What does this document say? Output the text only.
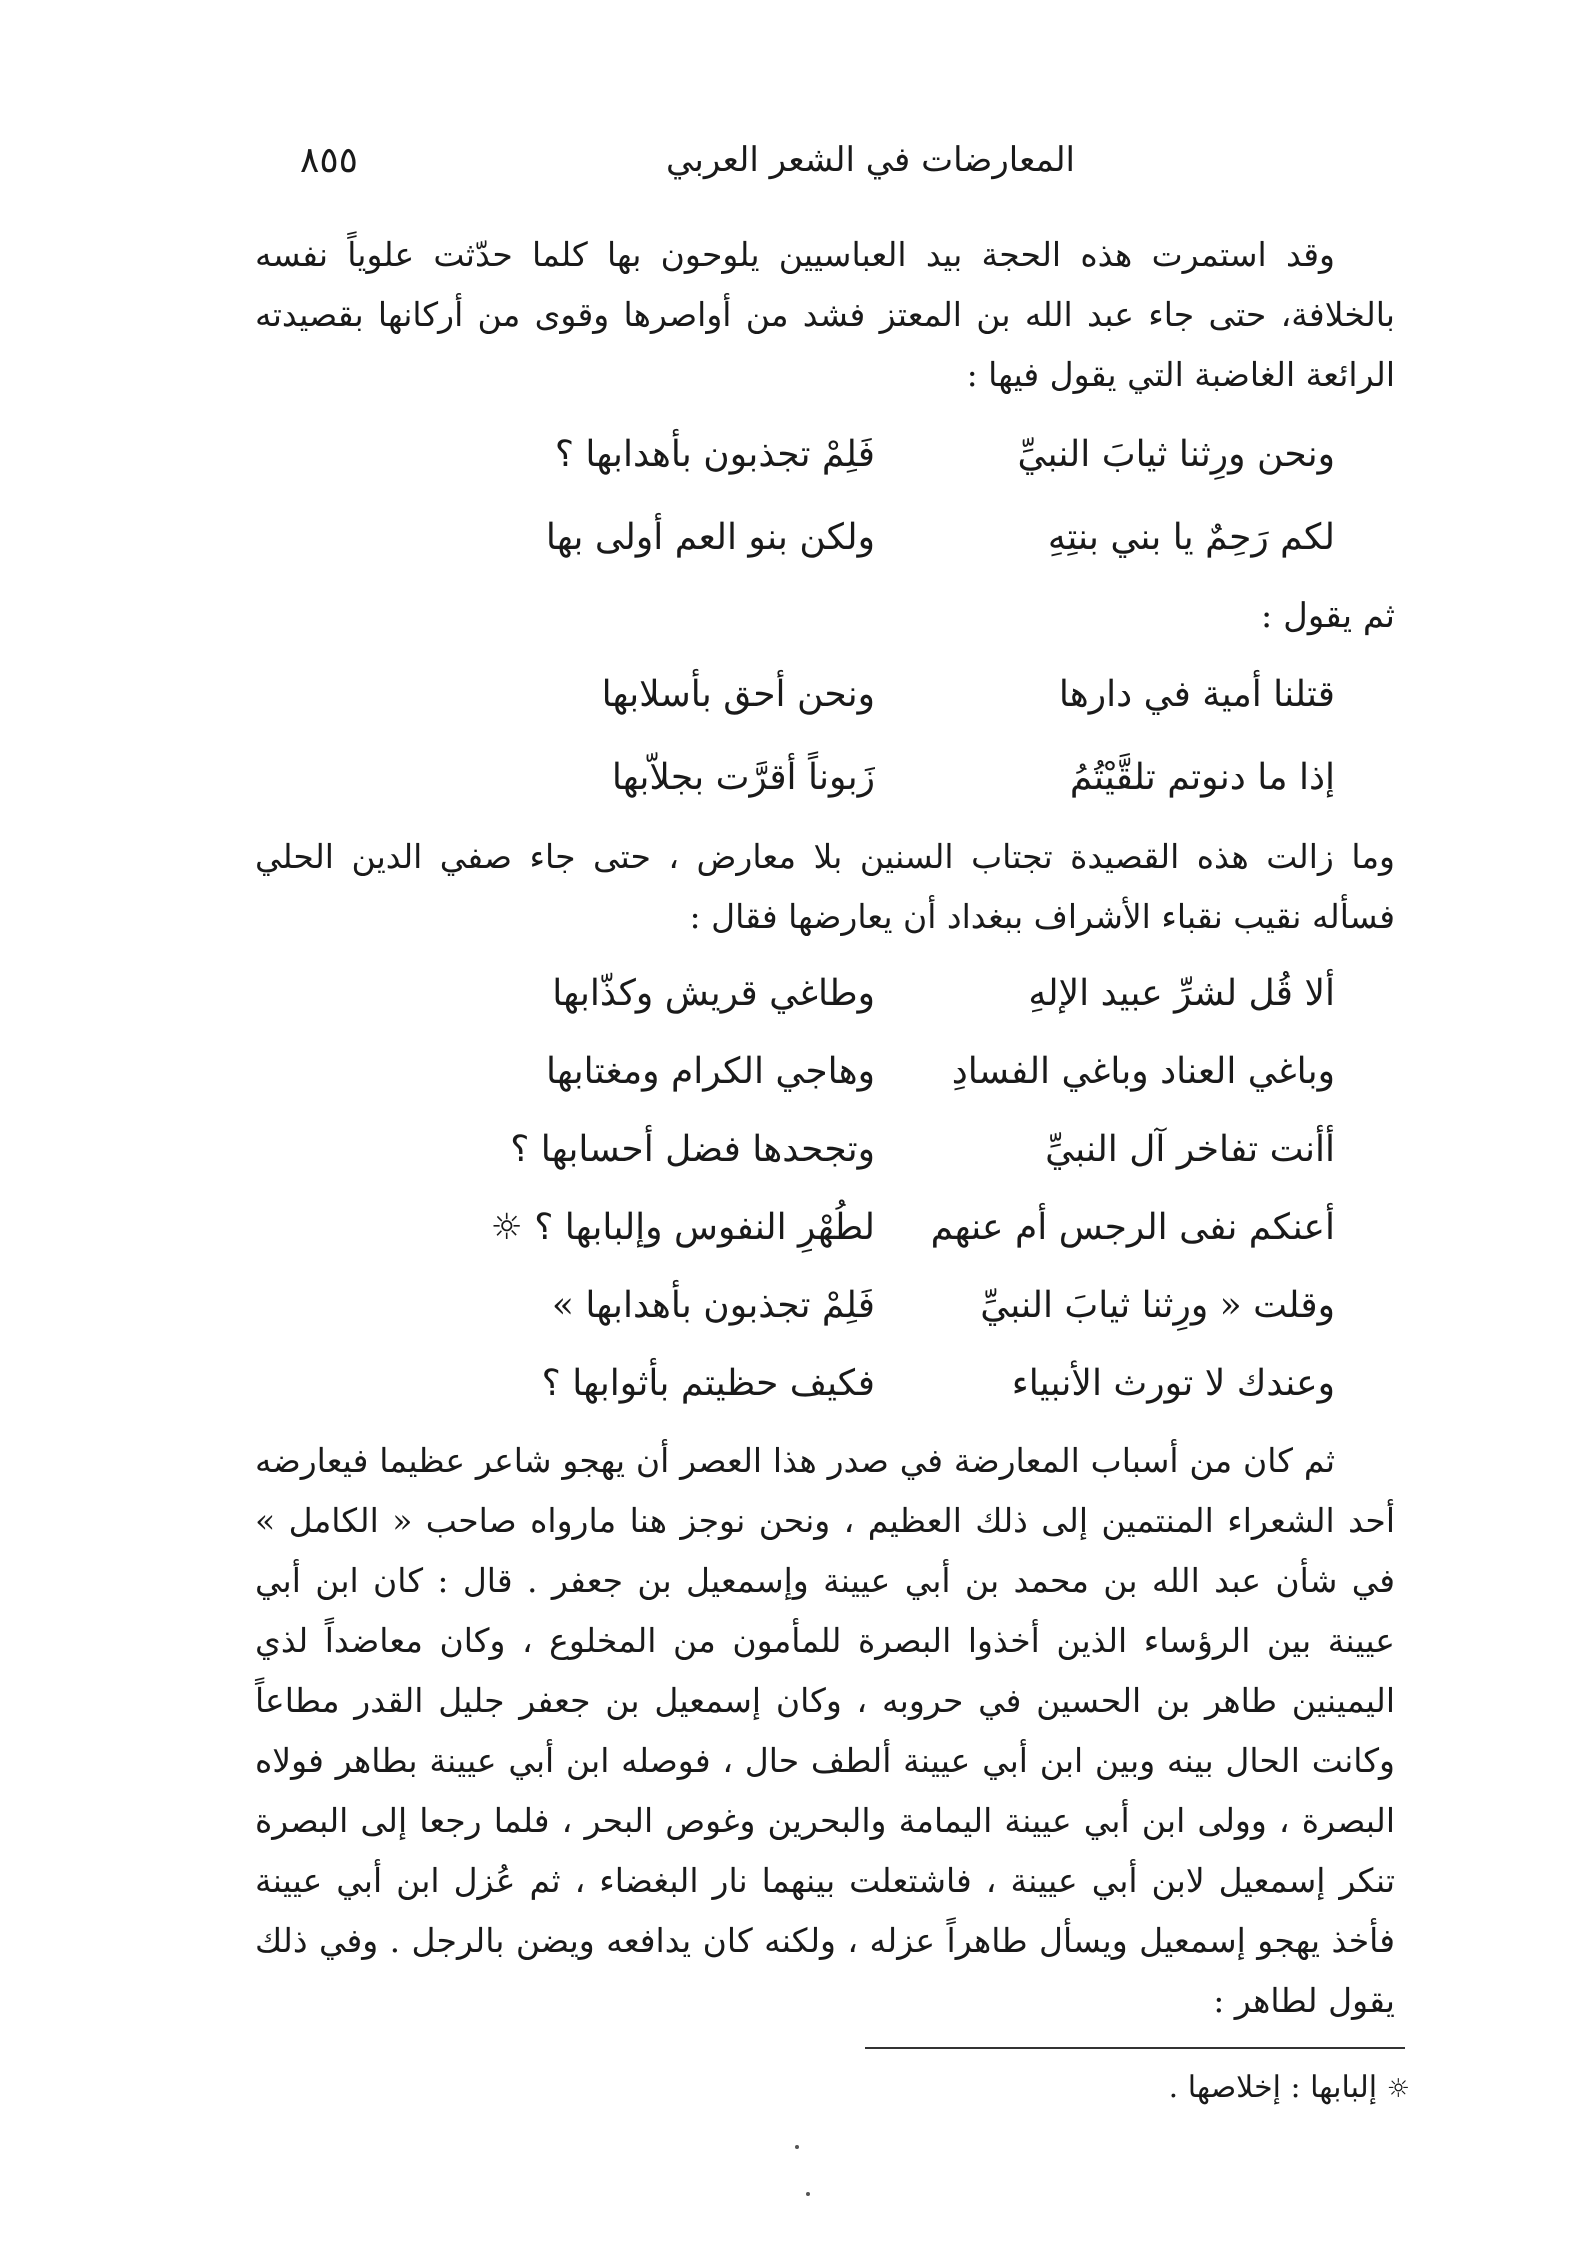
المعارضات في الشعر العربي
٨٥٥

وقد استمرت هذه الحجة بيد العباسيين يلوحون بها كلما حدّثت علوياً نفسه بالخلافة، حتى جاء عبد الله بن المعتز فشد من أواصرها وقوى من أركانها بقصيدته الرائعة الغاضبة التي يقول فيها :

ونحن ورِثنا ثيابَ النبيِّ
فَلِمْ تجذبون بأهدابها ؟
لكم رَحِمٌ يا بني بنتِهِ
ولكن بنو العم أولى بها

ثم يقول :

قتلنا أمية في دارها
ونحن أحق بأسلابها
إذا ما دنوتم تلقَّيْتُمُ
زَبوناً أقرَّت بجلاّبها

وما زالت هذه القصيدة تجتاب السنين بلا معارض ، حتى جاء صفي الدين الحلي فسأله نقيب نقباء الأشراف ببغداد أن يعارضها فقال :

ألا قُل لشرِّ عبيد الإلهِ
وطاغي قريش وكذّابها
وباغي العناد وباغي الفسادِ
وهاجي الكرام ومغتابها
أأنت تفاخر آل النبيِّ
وتجحدها فضل أحسابها ؟
أعنكم نفى الرجس أم عنهم
لطُهْرِ النفوس وإلبابها ؟ ☼
وقلت « ورِثنا ثيابَ النبيِّ
فَلِمْ تجذبون بأهدابها »
وعندك لا تورث الأنبياء
فكيف حظيتم بأثوابها ؟

ثم كان من أسباب المعارضة في صدر هذا العصر أن يهجو شاعر عظيما فيعارضه أحد الشعراء المنتمين إلى ذلك العظيم ، ونحن نوجز هنا مارواه صاحب « الكامل » في شأن عبد الله بن محمد بن أبي عيينة وإسمعيل بن جعفر . قال : كان ابن أبي عيينة بين الرؤساء الذين أخذوا البصرة للمأمون من المخلوع ، وكان معاضداً لذي اليمينين طاهر بن الحسين في حروبه ، وكان إسمعيل بن جعفر جليل القدر مطاعاً وكانت الحال بينه وبين ابن أبي عيينة ألطف حال ، فوصله ابن أبي عيينة بطاهر فولاه البصرة ، وولى ابن أبي عيينة اليمامة والبحرين وغوص البحر ، فلما رجعا إلى البصرة تنكر إسمعيل لابن أبي عيينة ، فاشتعلت بينهما نار البغضاء ، ثم عُزل ابن أبي عيينة فأخذ يهجو إسمعيل ويسأل طاهراً عزله ، ولكنه كان يدافعه ويضن بالرجل . وفي ذلك يقول لطاهر :

☼ إلبابها : إخلاصها .
